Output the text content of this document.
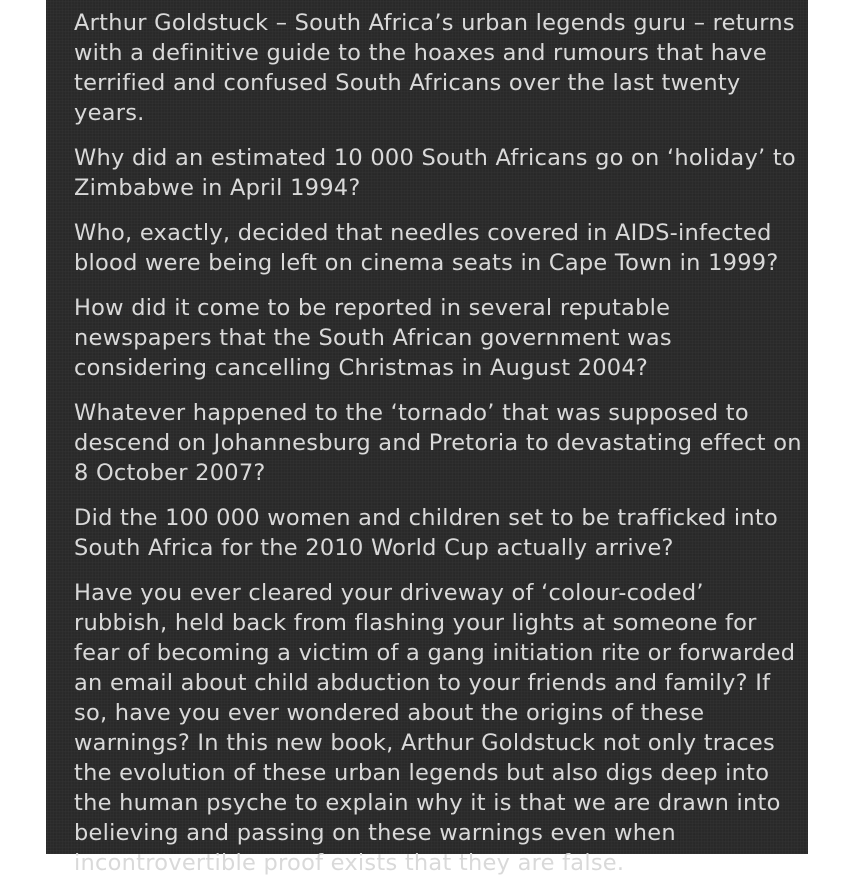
Arthur Goldstuck – South Africa’s urban legends guru – returns with a definitive guide to the hoaxes and rumours that have terrified and confused South Africans over the last twenty years.

Why did an estimated 10 000 South Africans go on ‘holiday’ to Zimbabwe in April 1994?

Who, exactly, decided that needles covered in AIDS-infected blood were being left on cinema seats in Cape Town in 1999?

How did it come to be reported in several reputable newspapers that the South African government was considering cancelling Christmas in August 2004?

Whatever happened to the ‘tornado’ that was supposed to descend on Johannesburg and Pretoria to devastating effect on 8 October 2007?

Did the 100 000 women and children set to be trafficked into South Africa for the 2010 World Cup actually arrive?

Have you ever cleared your driveway of ‘colour-coded’ rubbish, held back from flashing your lights at someone for fear of becoming a victim of a gang initiation rite or forwarded an email about child abduction to your friends and family? If so, have you ever wondered about the origins of these warnings? In this new book, Arthur Goldstuck not only traces the evolution of these urban legends but also digs deep into the human psyche to explain why it is that we are drawn into believing and passing on these warnings even when incontrovertible proof exists that they are false.
